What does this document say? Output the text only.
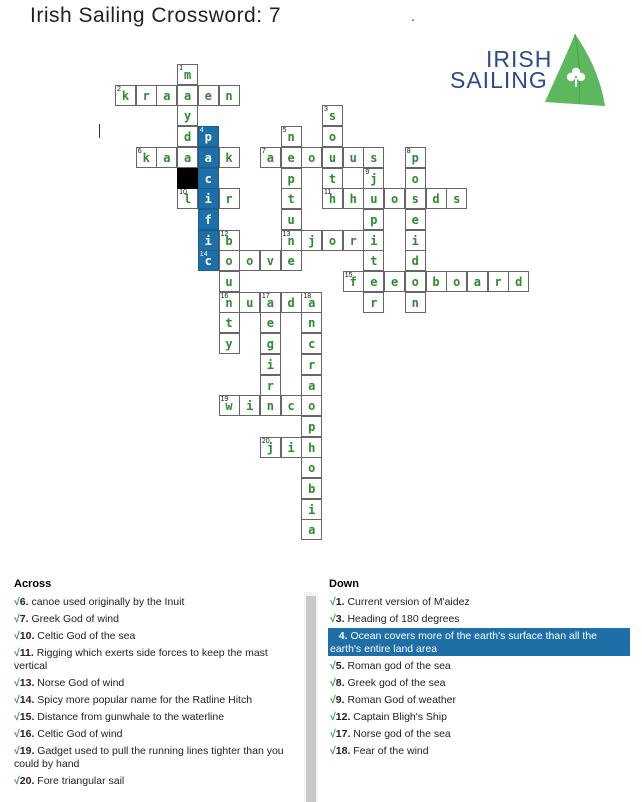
Irish Sailing Crossword: 7	.
IRISH
SAILING
m
1
a
y
d
a
k
2	r	a	e	n
s
3
o
u
t
h
11
p
4
a
c
i
f
i
c
14
n
5
e
p
t
u
n
13
e
k
6	a	k	a
7	o	u	s	p
8
o
s
e
i
d
o
n
j
9
u
p
i
t
e
r
l
10	r	h	o	d	s
b
12
o
u
n
16
t
y
j	o	r
o	v
f
15	e	b	o	a	r	d
u	a
17	d	a
18
e
g
i
r
n
c
r
a
o
p
h
o
b
i
a
w
19	i	n	c
j
20	i
Across
√6. canoe used originally by the Inuit
√7. Greek God of wind
√10. Celtic God of the sea
√11. Rigging which exerts side forces to keep the mast vertical
√13. Norse God of wind
√14. Spicy more popular name for the Ratline Hitch
√15. Distance from gunwhale to the waterline
√16. Celtic God of wind
√19. Gadget used to pull the running lines tighter than you could by hand
√20. Fore triangular sail
Down
√1. Current version of M'aidez
√3. Heading of 180 degrees
4. Ocean covers more of the earth's surface than all the earth's entire land area
√5. Roman god of the sea
√8. Greek god of the sea
√9. Roman God of weather
√12. Captain Bligh's Ship
√17. Norse god of the sea
√18. Fear of the wind
